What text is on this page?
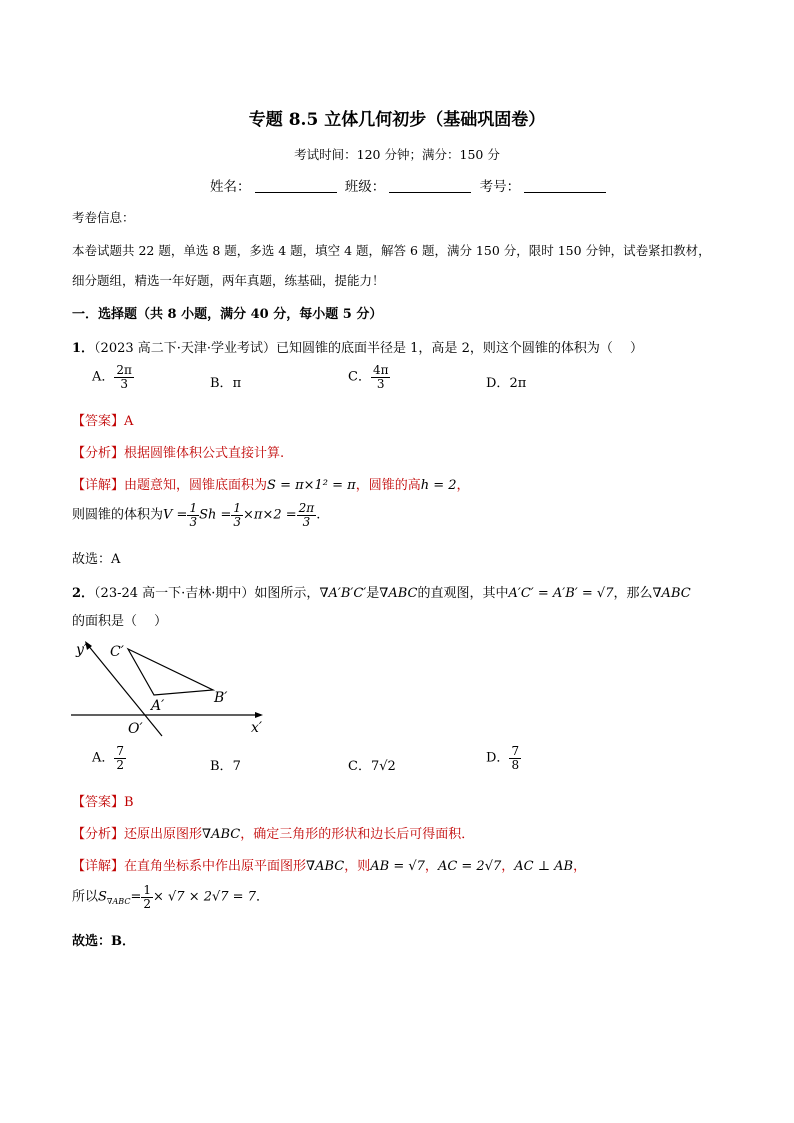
专题 8.5 立体几何初步（基础巩固卷）
考试时间：120 分钟；满分：150 分
姓名：	班级：	考号：
考卷信息：
本卷试题共 22 题，单选 8 题，多选 4 题，填空 4 题，解答 6 题，满分 150 分，限时 150 分钟，试卷紧扣教材，
细分题组，精选一年好题，两年真题，练基础，提能力！
一．选择题（共 8 小题，满分 40 分，每小题 5 分）
1．（2023 高二下·天津·学业考试）已知圆锥的底面半径是 1，高是 2，则这个圆锥的体积为（　 ）
A． $\frac{2\pi}{3}$	B．π	C． $\frac{4\pi}{3}$	D．2π
【答案】A
【分析】根据圆锥体积公式直接计算.
【详解】由题意知，圆锥底面积为S = π×1² = π，圆锥的高h = 2，
则圆锥的体积为$V = \frac{1}{3}$ $Sh = \frac{1}{3} \times\pi\times 2 = \frac{2\pi}{3}$ .
故选：A
2．（23-24 高一下·吉林·期中）如图所示，∇A′B′C′是∇ABC的直观图，其中A′C′ = A′B′ = √7，那么∇ABC
的面积是（　 ）
y′ C′
A′	B′
O′	x′
A． $\frac{7}{2}$	B．7	C．7√2
D． $\frac{7}{8}$
【答案】B
【分析】还原出原图形∇ABC，确定三角形的形状和边长后可得面积．
【详解】在直角坐标系中作出原平面图形∇ABC，则AB = √7，AC = 2√7，AC ⊥ AB，
所以$S_{\nabla ABC}= \frac{1}{2} \times √7 \times 2√7 = 7$．
故选：B．
